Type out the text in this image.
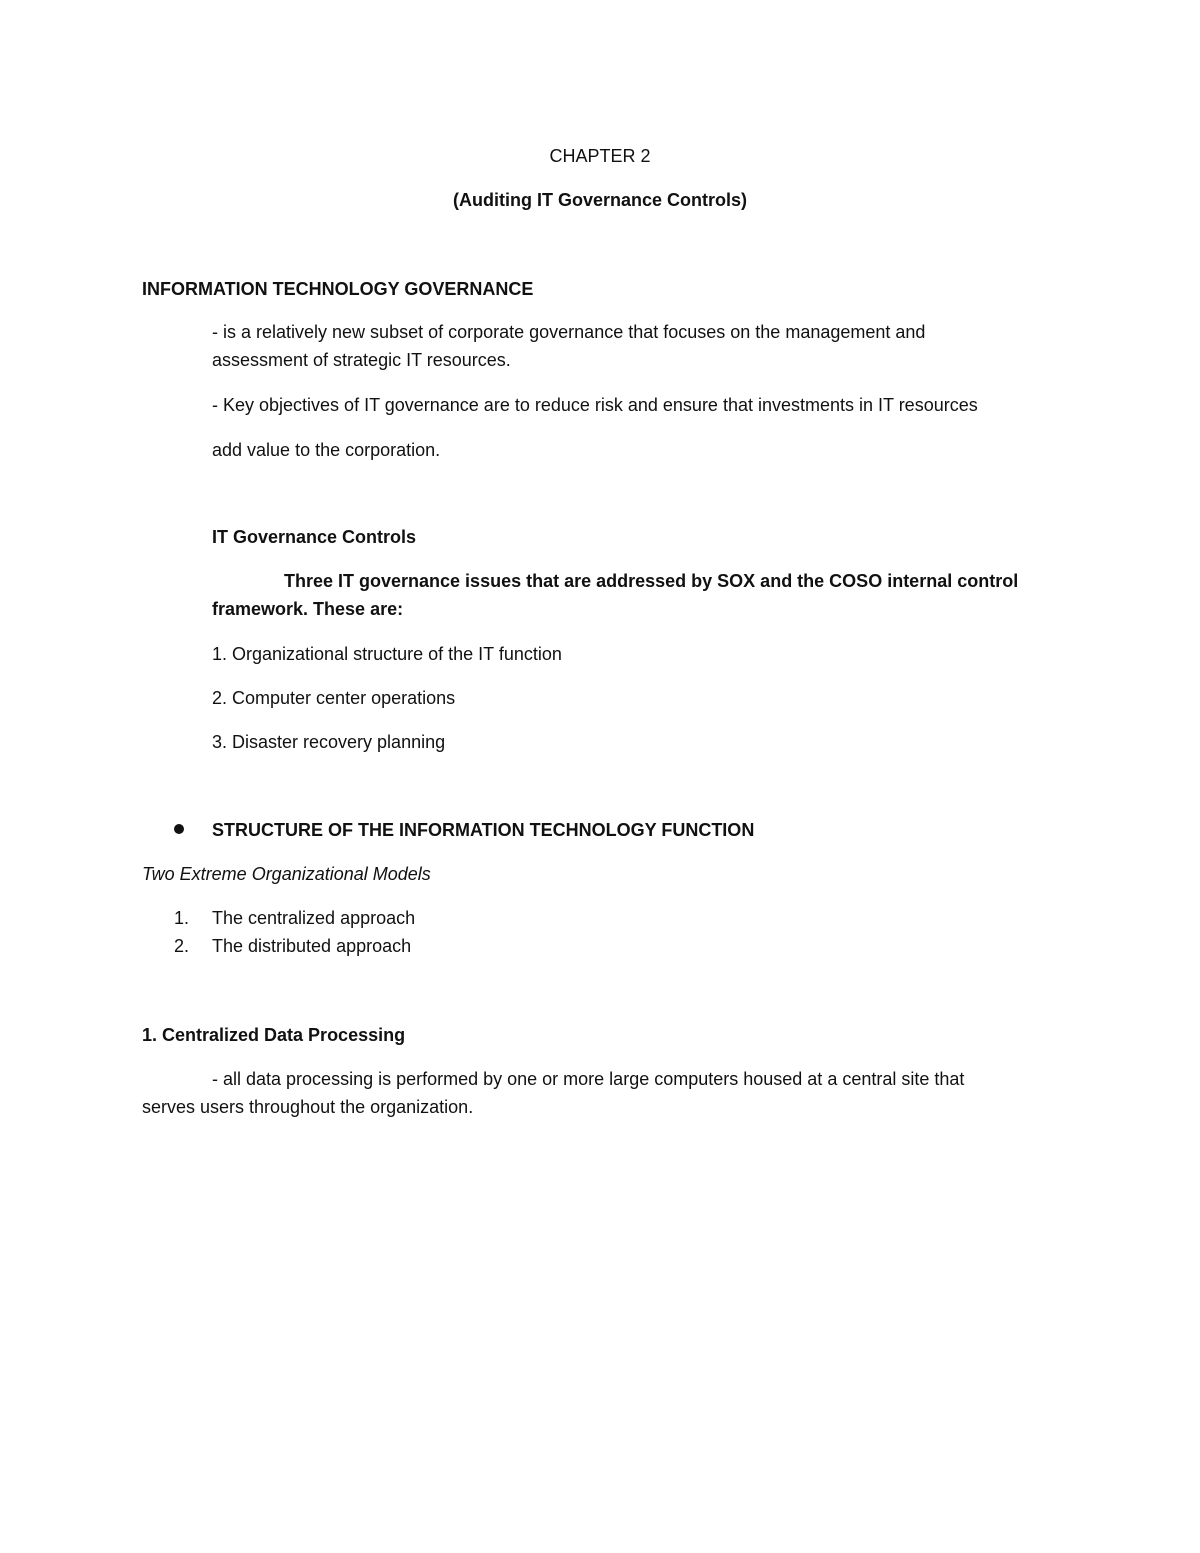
CHAPTER 2
(Auditing IT Governance Controls)
INFORMATION TECHNOLOGY GOVERNANCE
- is a relatively new subset of corporate governance that focuses on the management and
assessment of strategic IT resources.
- Key objectives of IT governance are to reduce risk and ensure that investments in IT resources
add value to the corporation.
IT Governance Controls
Three IT governance issues that are addressed by SOX and the COSO internal control
framework. These are:
1. Organizational structure of the IT function
2. Computer center operations
3. Disaster recovery planning
STRUCTURE OF THE INFORMATION TECHNOLOGY FUNCTION
Two Extreme Organizational Models
1. The centralized approach
2. The distributed approach
1. Centralized Data Processing
- all data processing is performed by one or more large computers housed at a central site that
serves users throughout the organization.
